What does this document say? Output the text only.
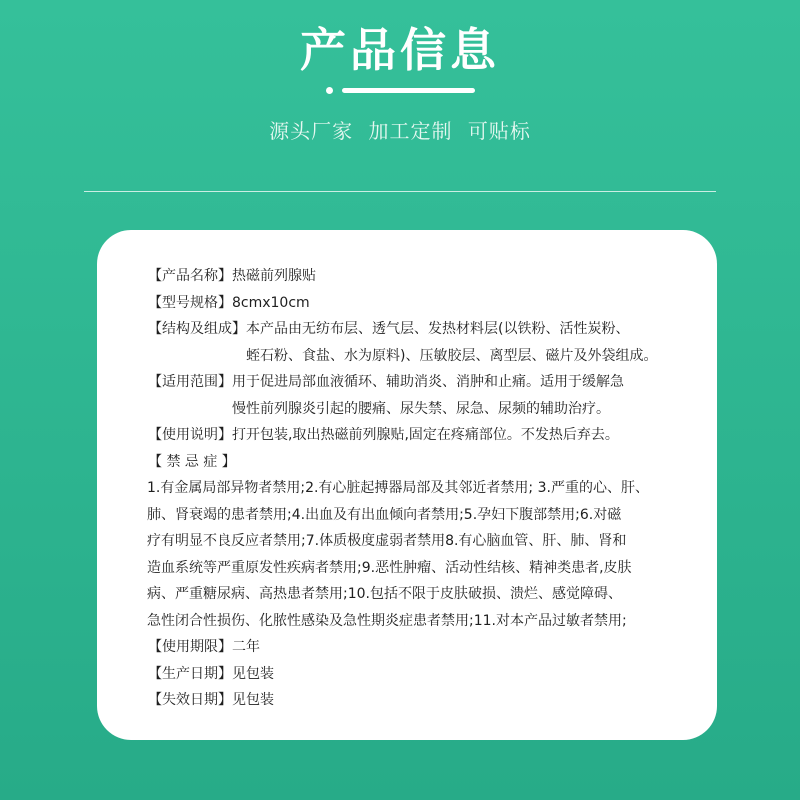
产品信息
源头厂家 加工定制 可贴标
【产品名称】 热磁前列腺贴
【型号规格】 8cmx10cm
【结构及组成】 本产品由无纺布层、透气层、发热材料层(以铁粉、活性炭粉、
蛭石粉、食盐、水为原料)、压敏胶层、离型层、磁片及外袋组成。
【适用范围】 用于促进局部血液循环、辅助消炎、消肿和止痛。适用于缓解急
慢性前列腺炎引起的腰痛、尿失禁、尿急、尿频的辅助治疗。
【使用说明】 打开包装,取出热磁前列腺贴,固定在疼痛部位。不发热后弃去。
【 禁 忌 症 】
1.有金属局部异物者禁用;2.有心脏起搏器局部及其邻近者禁用; 3.严重的心、肝、
肺、肾衰竭的患者禁用;4.出血及有出血倾向者禁用;5.孕妇下腹部禁用;6.对磁
疗有明显不良反应者禁用;7.体质极度虚弱者禁用8.有心脑血管、肝、肺、肾和
造血系统等严重原发性疾病者禁用;9.恶性肿瘤、活动性结核、精神类患者,皮肤
病、严重糖尿病、高热患者禁用;10.包括不限于皮肤破损、溃烂、感觉障碍、
急性闭合性损伤、化脓性感染及急性期炎症患者禁用;11.对本产品过敏者禁用;
【使用期限】 二年
【生产日期】 见包装
【失效日期】 见包装
